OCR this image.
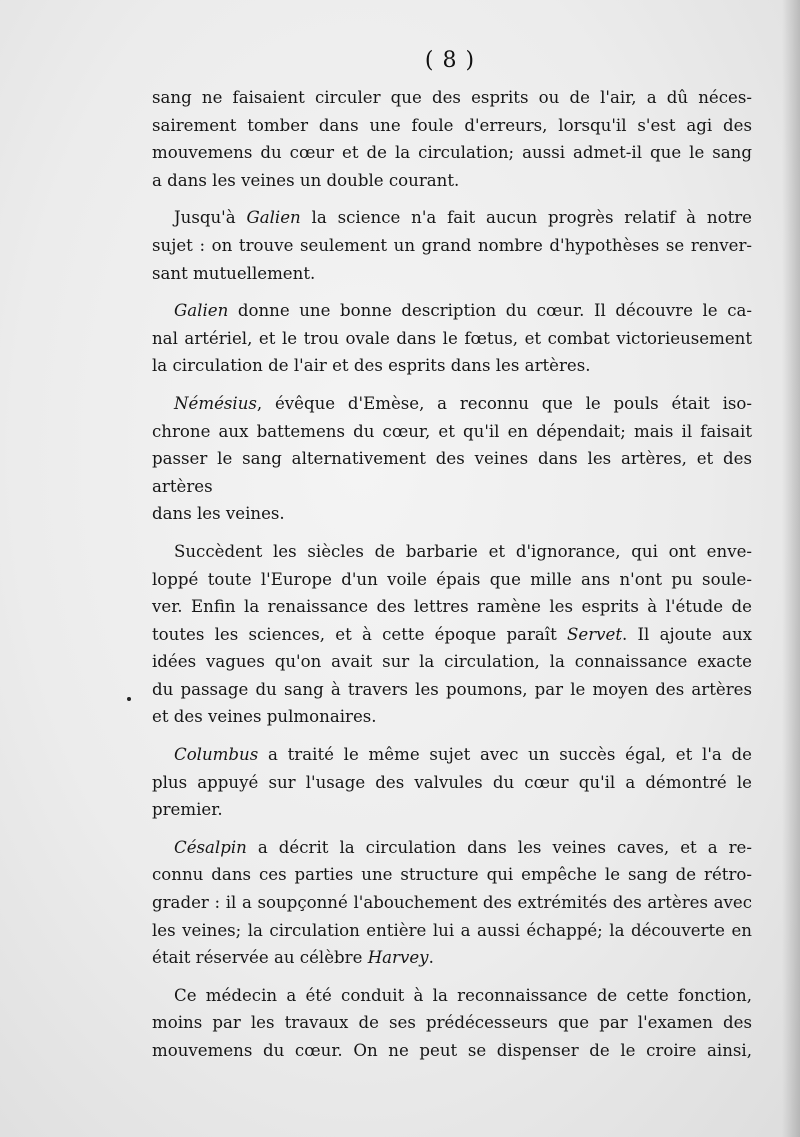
( 8 )

sang ne faisaient circuler que des esprits ou de l'air, a dû néces-
sairement tomber dans une foule d'erreurs, lorsqu'il s'est agi des
mouvemens du cœur et de la circulation; aussi admet-il que le sang
a dans les veines un double courant.

Jusqu'à Galien la science n'a fait aucun progrès relatif à notre
sujet : on trouve seulement un grand nombre d'hypothèses se renver-
sant mutuellement.

Galien donne une bonne description du cœur. Il découvre le ca-
nal artériel, et le trou ovale dans le fœtus, et combat victorieusement
la circulation de l'air et des esprits dans les artères.

Némésius, évêque d'Emèse, a reconnu que le pouls était iso-
chrone aux battemens du cœur, et qu'il en dépendait; mais il faisait
passer le sang alternativement des veines dans les artères, et des artères
dans les veines.

Succèdent les siècles de barbarie et d'ignorance, qui ont enve-
loppé toute l'Europe d'un voile épais que mille ans n'ont pu soule-
ver. Enfin la renaissance des lettres ramène les esprits à l'étude de
toutes les sciences, et à cette époque paraît Servet. Il ajoute aux
idées vagues qu'on avait sur la circulation, la connaissance exacte
du passage du sang à travers les poumons, par le moyen des artères
et des veines pulmonaires.

Columbus a traité le même sujet avec un succès égal, et l'a de
plus appuyé sur l'usage des valvules du cœur qu'il a démontré le
premier.

Césalpin a décrit la circulation dans les veines caves, et a re-
connu dans ces parties une structure qui empêche le sang de rétro-
grader : il a soupçonné l'abouchement des extrémités des artères avec
les veines; la circulation entière lui a aussi échappé; la découverte en
était réservée au célèbre Harvey.

Ce médecin a été conduit à la reconnaissance de cette fonction,
moins par les travaux de ses prédécesseurs que par l'examen des
mouvemens du cœur. On ne peut se dispenser de le croire ainsi,
